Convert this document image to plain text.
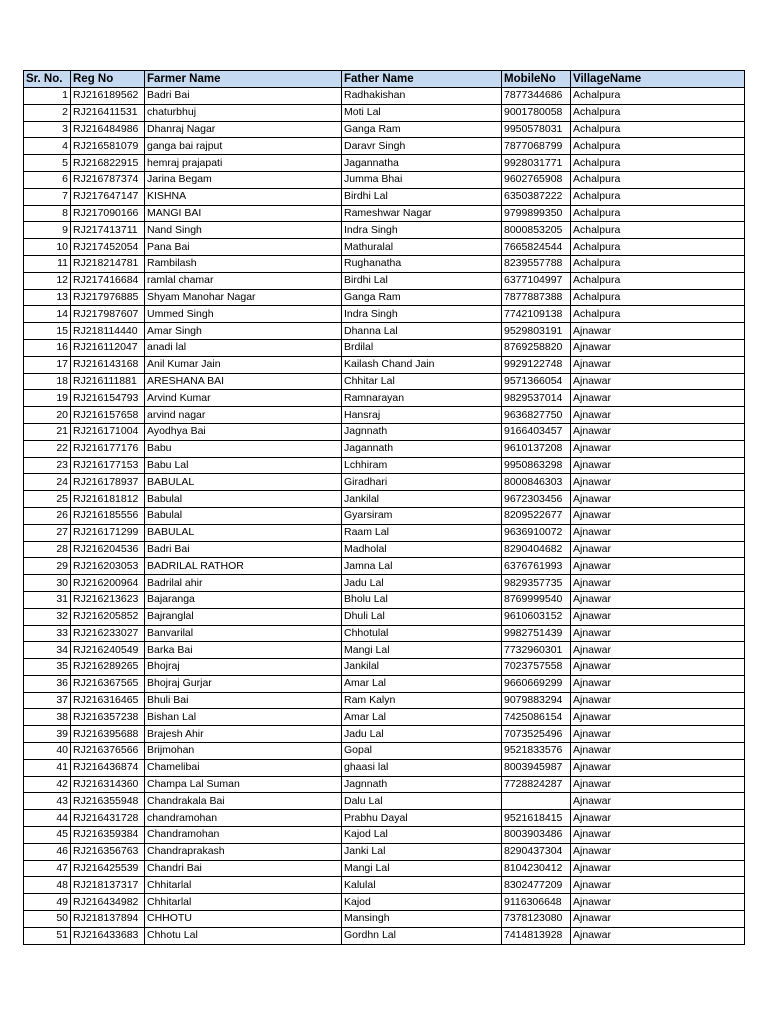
Sr. No.	Reg No	Farmer Name	Father Name	MobileNo	VillageName
1	RJ216189562	Badri Bai	Radhakishan	7877344686	Achalpura
2	RJ216411531	chaturbhuj	Moti Lal	9001780058	Achalpura
3	RJ216484986	Dhanraj Nagar	Ganga Ram	9950578031	Achalpura
4	RJ216581079	ganga bai rajput	Daravr Singh	7877068799	Achalpura
5	RJ216822915	hemraj prajapati	Jagannatha	9928031771	Achalpura
6	RJ216787374	Jarina Begam	Jumma Bhai	9602765908	Achalpura
7	RJ217647147	KISHNA	Birdhi Lal	6350387222	Achalpura
8	RJ217090166	MANGI BAI	Rameshwar Nagar	9799899350	Achalpura
9	RJ217413711	Nand Singh	Indra Singh	8000853205	Achalpura
10	RJ217452054	Pana Bai	Mathuralal	7665824544	Achalpura
11	RJ218214781	Rambilash	Rughanatha	8239557788	Achalpura
12	RJ217416684	ramlal chamar	Birdhi Lal	6377104997	Achalpura
13	RJ217976885	Shyam Manohar Nagar	Ganga Ram	7877887388	Achalpura
14	RJ217987607	Ummed Singh	Indra Singh	7742109138	Achalpura
15	RJ218114440	Amar Singh	Dhanna Lal	9529803191	Ajnawar
16	RJ216112047	anadi lal	Brdilal	8769258820	Ajnawar
17	RJ216143168	Anil Kumar Jain	Kailash Chand Jain	9929122748	Ajnawar
18	RJ216111881	ARESHANA BAI	Chhitar Lal	9571366054	Ajnawar
19	RJ216154793	Arvind Kumar	Ramnarayan	9829537014	Ajnawar
20	RJ216157658	arvind nagar	Hansraj	9636827750	Ajnawar
21	RJ216171004	Ayodhya Bai	Jagnnath	9166403457	Ajnawar
22	RJ216177176	Babu	Jagannath	9610137208	Ajnawar
23	RJ216177153	Babu Lal	Lchhiram	9950863298	Ajnawar
24	RJ216178937	BABULAL	Giradhari	8000846303	Ajnawar
25	RJ216181812	Babulal	Jankilal	9672303456	Ajnawar
26	RJ216185556	Babulal	Gyarsiram	8209522677	Ajnawar
27	RJ216171299	BABULAL	Raam Lal	9636910072	Ajnawar
28	RJ216204536	Badri Bai	Madholal	8290404682	Ajnawar
29	RJ216203053	BADRILAL RATHOR	Jamna Lal	6376761993	Ajnawar
30	RJ216200964	Badrilal ahir	Jadu Lal	9829357735	Ajnawar
31	RJ216213623	Bajaranga	Bholu Lal	8769999540	Ajnawar
32	RJ216205852	Bajranglal	Dhuli Lal	9610603152	Ajnawar
33	RJ216233027	Banvarilal	Chhotulal	9982751439	Ajnawar
34	RJ216240549	Barka Bai	Mangi Lal	7732960301	Ajnawar
35	RJ216289265	Bhojraj	Jankilal	7023757558	Ajnawar
36	RJ216367565	Bhojraj Gurjar	Amar Lal	9660669299	Ajnawar
37	RJ216316465	Bhuli Bai	Ram Kalyn	9079883294	Ajnawar
38	RJ216357238	Bishan Lal	Amar Lal	7425086154	Ajnawar
39	RJ216395688	Brajesh Ahir	Jadu Lal	7073525496	Ajnawar
40	RJ216376566	Brijmohan	Gopal	9521833576	Ajnawar
41	RJ216436874	Chamelibai	ghaasi lal	8003945987	Ajnawar
42	RJ216314360	Champa Lal Suman	Jagnnath	7728824287	Ajnawar
43	RJ216355948	Chandrakala Bai	Dalu Lal		Ajnawar
44	RJ216431728	chandramohan	Prabhu Dayal	9521618415	Ajnawar
45	RJ216359384	Chandramohan	Kajod Lal	8003903486	Ajnawar
46	RJ216356763	Chandraprakash	Janki Lal	8290437304	Ajnawar
47	RJ216425539	Chandri Bai	Mangi Lal	8104230412	Ajnawar
48	RJ218137317	Chhitarlal	Kalulal	8302477209	Ajnawar
49	RJ216434982	Chhitarlal	Kajod	9116306648	Ajnawar
50	RJ218137894	CHHOTU	Mansingh	7378123080	Ajnawar
51	RJ216433683	Chhotu Lal	Gordhn Lal	7414813928	Ajnawar
